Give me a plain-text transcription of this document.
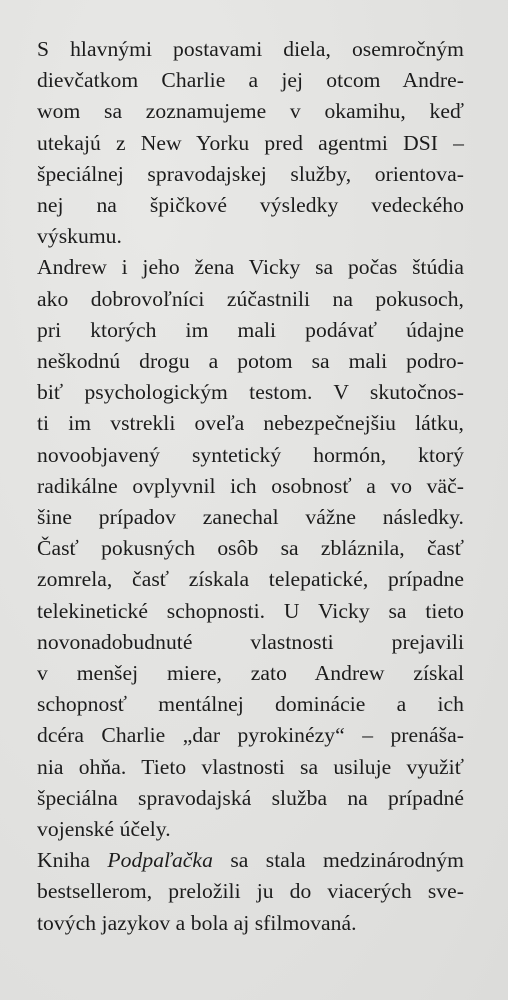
S hlavnými postavami diela, osemročným
dievčatkom Charlie a jej otcom Andre-
wom sa zoznamujeme v okamihu, keď
utekajú z New Yorku pred agentmi DSI –
špeciálnej spravodajskej služby, orientova-
nej na špičkové výsledky vedeckého
výskumu.

Andrew i jeho žena Vicky sa počas štúdia
ako dobrovoľníci zúčastnili na pokusoch,
pri ktorých im mali podávať údajne
neškodnú drogu a potom sa mali podro-
biť psychologickým testom. V skutočnos-
ti im vstrekli oveľa nebezpečnejšiu látku,
novoobjavený syntetický hormón, ktorý
radikálne ovplyvnil ich osobnosť a vo väč-
šine prípadov zanechal vážne následky.
Časť pokusných osôb sa zbláznila, časť
zomrela, časť získala telepatické, prípadne
telekinetické schopnosti. U Vicky sa tieto
novonadobudnuté vlastnosti prejavili
v menšej miere, zato Andrew získal
schopnosť mentálnej dominácie a ich
dcéra Charlie „dar pyrokinézy“ – prenáša-
nia ohňa. Tieto vlastnosti sa usiluje využiť
špeciálna spravodajská služba na prípadné
vojenské účely.

Kniha Podpaľačka sa stala medzinárodným
bestsellerom, preložili ju do viacerých sve-
tových jazykov a bola aj sfilmovaná.
